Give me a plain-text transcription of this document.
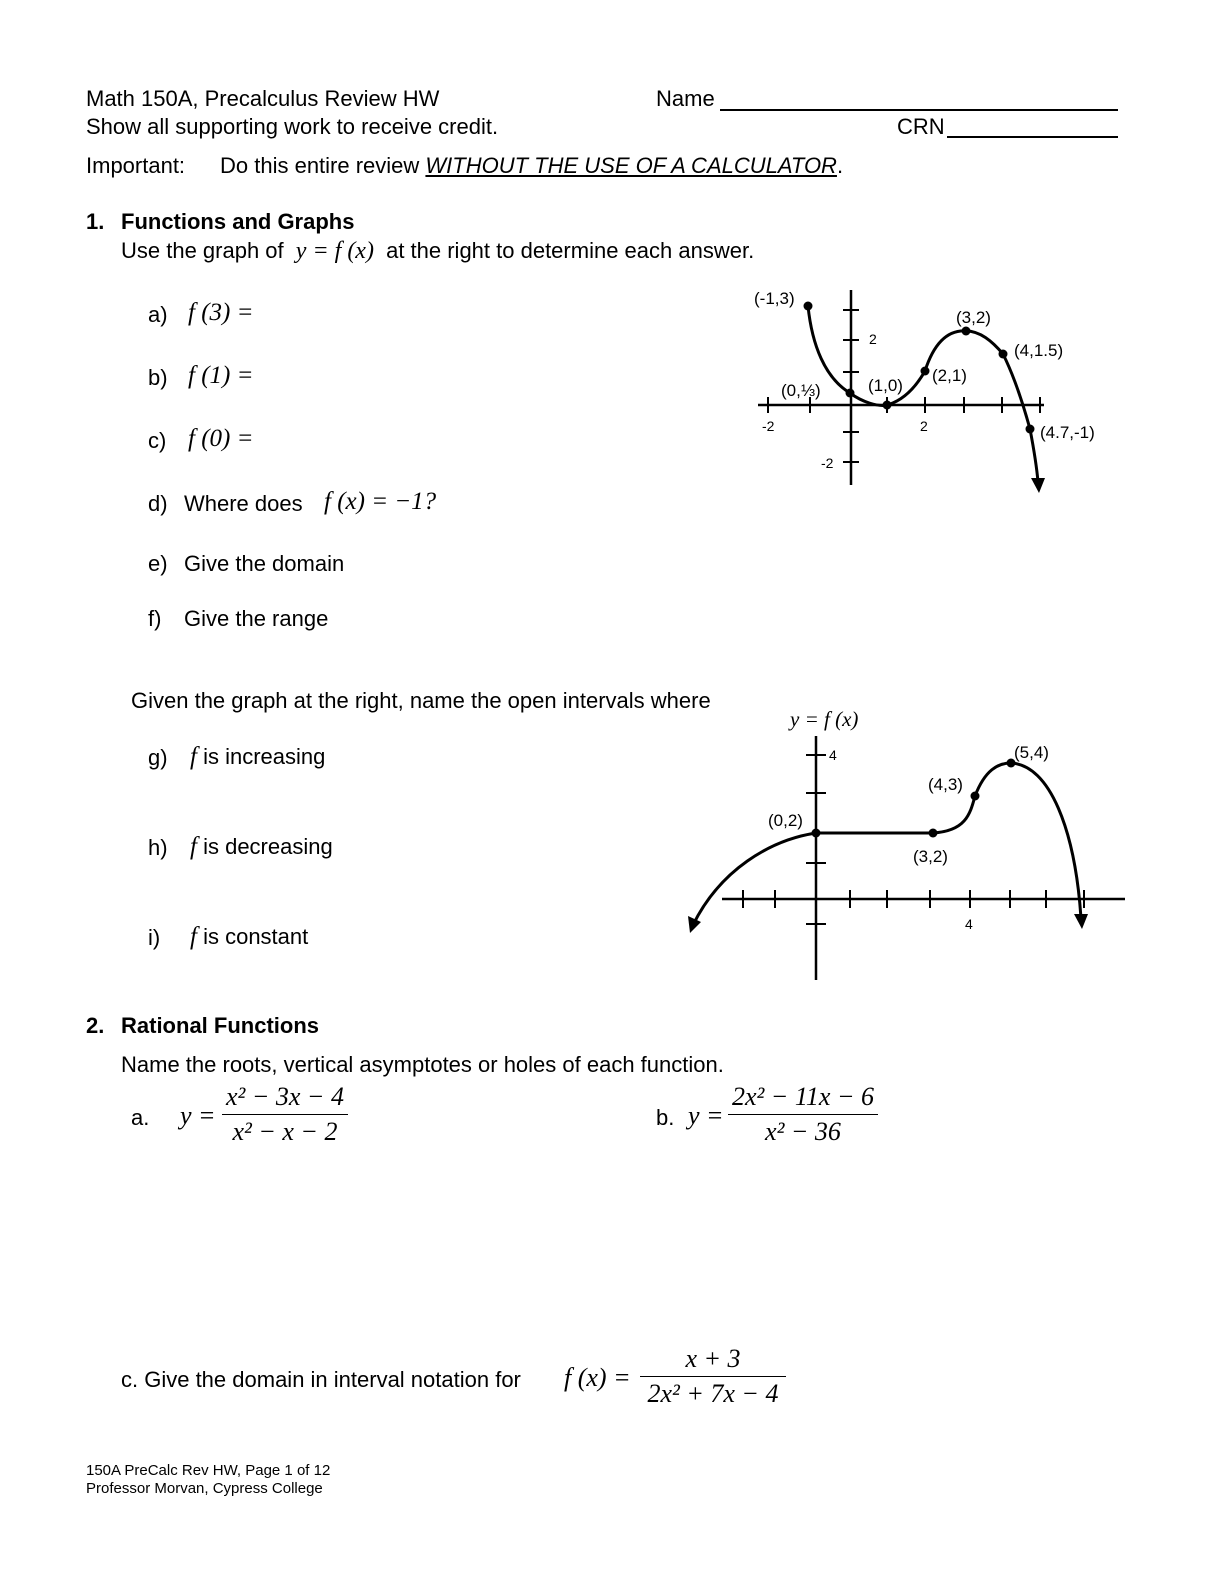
Math 150A, Precalculus Review HW	Name
Show all supporting work to receive credit.	CRN
Important: Do this entire review WITHOUT THE USE OF A CALCULATOR.
1. Functions and Graphs
Use the graph of y = f (x) at the right to determine each answer.
a) f (3) =
b) f (1) =
c) f (0) =
d) Where does f (x) = −1?
e) Give the domain
f) Give the range
(-1,3)
(3,2)
(4,1.5)
(2,1)
(1,0)
(0,⅓)
(4.7,-1)
2
-2	2
-2
Given the graph at the right, name the open intervals where
g) f is increasing
h) f is decreasing
i) f is constant
y = f (x)
(5,4)
(4,3)
(0,2)
(3,2)
4
4
2. Rational Functions
Name the roots, vertical asymptotes or holes of each function.
a. y =
x² − 3x − 4
x² − x − 2	b. y =
2x² − 11x − 6
x² − 36
c. Give the domain in interval notation for f (x) =
x + 3
2x² + 7x − 4
150A PreCalc Rev HW, Page 1 of 12
Professor Morvan, Cypress College
